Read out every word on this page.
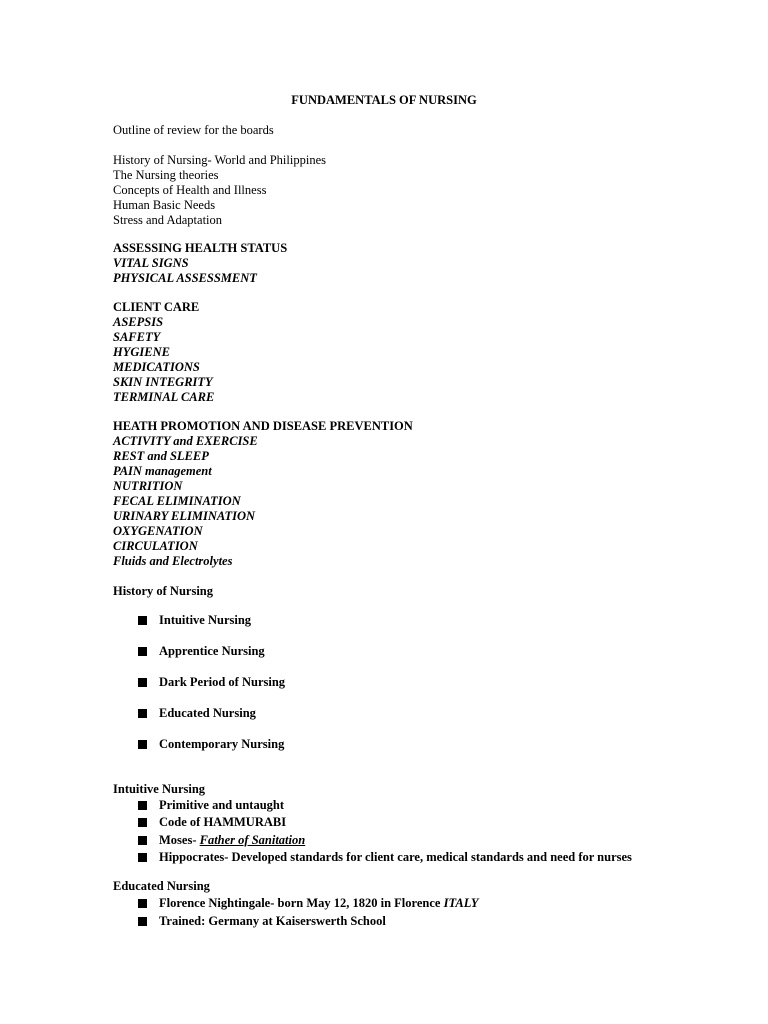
FUNDAMENTALS OF NURSING
Outline of review for the boards
History of Nursing- World and Philippines
The Nursing theories
Concepts of Health and Illness
Human Basic Needs
Stress and Adaptation
ASSESSING HEALTH STATUS
VITAL SIGNS
PHYSICAL ASSESSMENT
CLIENT CARE
ASEPSIS
SAFETY
HYGIENE
MEDICATIONS
SKIN INTEGRITY
TERMINAL CARE
HEATH PROMOTION AND DISEASE PREVENTION
ACTIVITY and EXERCISE
REST and SLEEP
PAIN management
NUTRITION
FECAL ELIMINATION
URINARY ELIMINATION
OXYGENATION
CIRCULATION
Fluids and Electrolytes
History of Nursing
Intuitive Nursing
Apprentice Nursing
Dark Period of Nursing
Educated Nursing
Contemporary Nursing
Intuitive Nursing
Primitive and untaught
Code of HAMMURABI
Moses- Father of Sanitation
Hippocrates- Developed standards for client care, medical standards and need for nurses
Educated Nursing
Florence Nightingale- born May 12, 1820 in Florence ITALY
Trained: Germany at Kaiserswerth School
